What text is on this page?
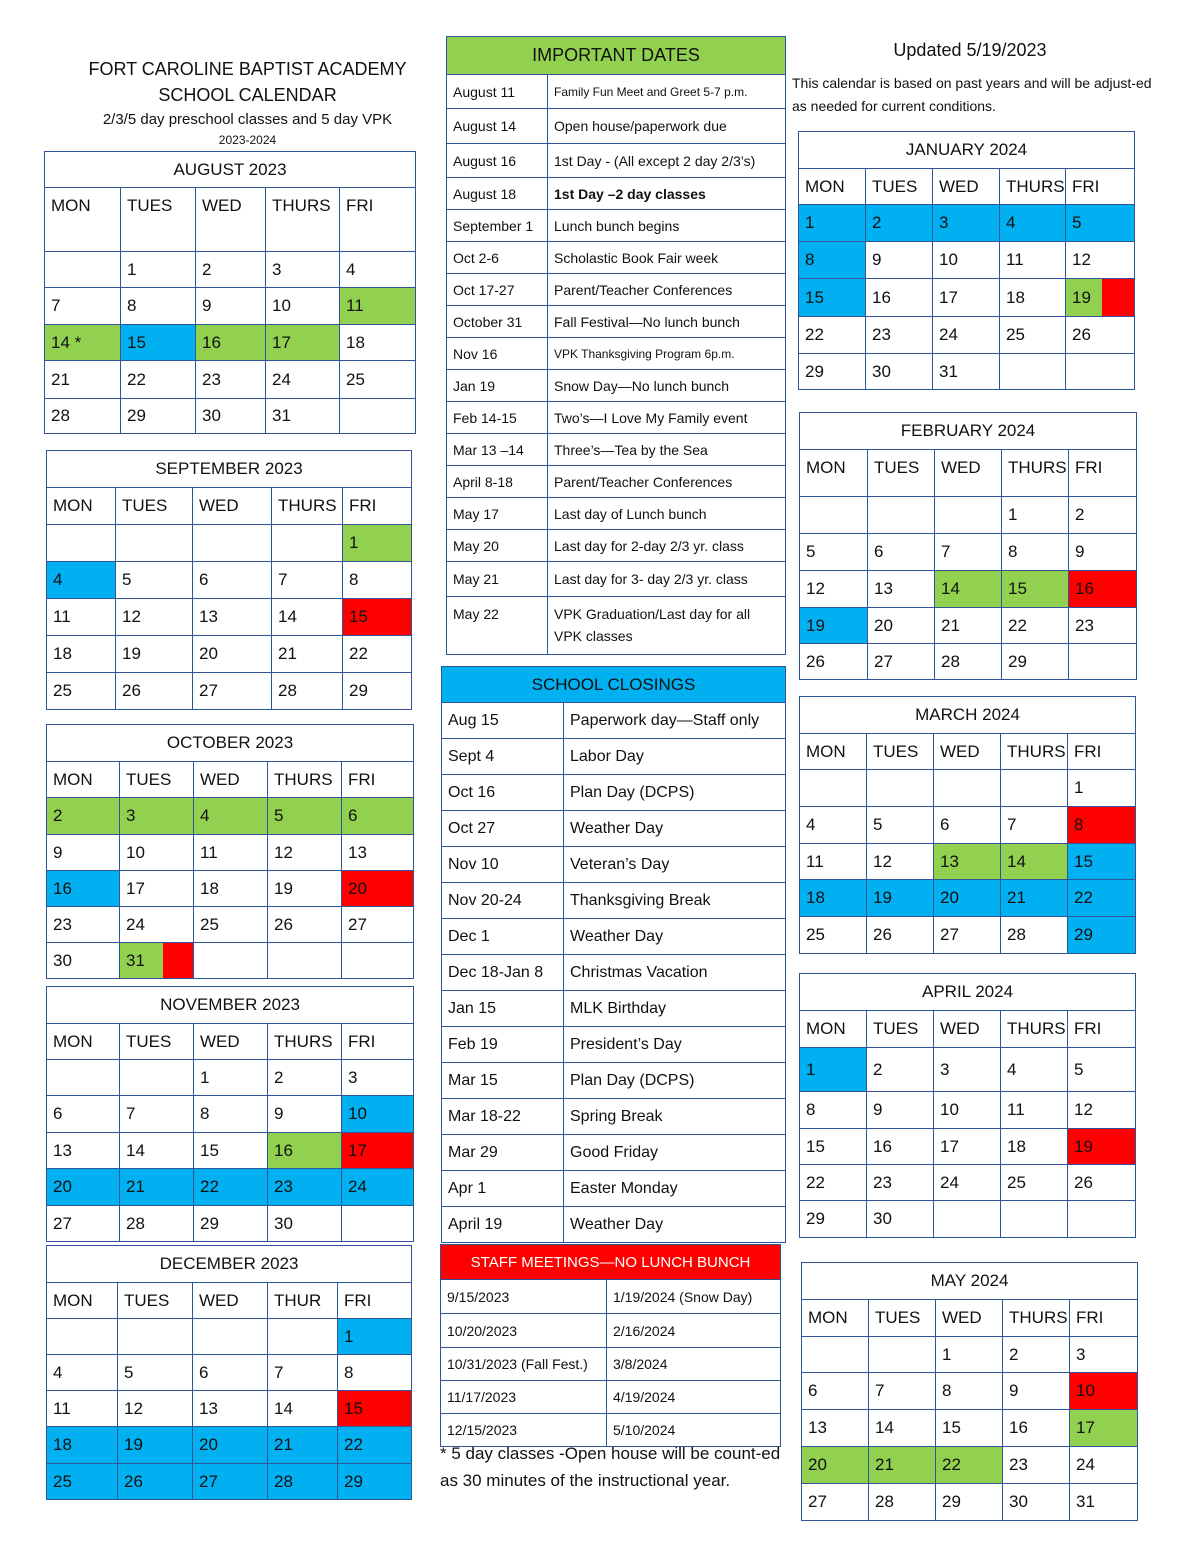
FORT CAROLINE BAPTIST ACADEMY
SCHOOL CALENDAR
2/3/5 day preschool classes and 5 day VPK
2023-2024
Updated 5/19/2023
This calendar is based on past years and will be adjust-ed as needed for current conditions.
AUGUST 2023				
MON	TUES	WED	THURS	FRI
	1	2	3	4
7	8	9	10	11
14 *	15	16	17	18
21	22	23	24	25
28	29	30	31	
SEPTEMBER 2023				
MON	TUES	WED	THURS	FRI
				1
4	5	6	7	8
11	12	13	14	15
18	19	20	21	22
25	26	27	28	29
OCTOBER 2023				
MON	TUES	WED	THURS	FRI
2	3	4	5	6
9	10	11	12	13
16	17	18	19	20
23	24	25	26	27
30	31

NOVEMBER 2023				
MON	TUES	WED	THURS	FRI
		1	2	3
6	7	8	9	10
13	14	15	16	17
20	21	22	23	24
27	28	29	30	
DECEMBER 2023				
MON	TUES	WED	THUR	FRI
				1
4	5	6	7	8
11	12	13	14	15
18	19	20	21	22
25	26	27	28	29
JANUARY 2024				
MON	TUES	WED	THURS	FRI
1	2	3	4	5
8	9	10	11	12
15	16	17	18	19

22	23	24	25	26
29	30	31		
FEBRUARY 2024				
MON	TUES	WED	THURS	FRI
			1	2
5	6	7	8	9
12	13	14	15	16
19	20	21	22	23
26	27	28	29	
MARCH 2024				
MON	TUES	WED	THURS	FRI
				1
4	5	6	7	8
11	12	13	14	15
18	19	20	21	22
25	26	27	28	29
APRIL 2024				
MON	TUES	WED	THURS	FRI
1	2	3	4	5
8	9	10	11	12
15	16	17	18	19
22	23	24	25	26
29	30			
MAY 2024				
MON	TUES	WED	THURS	FRI
		1	2	3
6	7	8	9	10
13	14	15	16	17
20	21	22	23	24
27	28	29	30	31
IMPORTANT DATES	
August 11	Family Fun Meet and Greet 5-7 p.m.
August 14	Open house/paperwork due
August 16	1st Day - (All except 2 day 2/3’s)
August 18	1st Day –2 day classes
September 1	Lunch bunch begins
Oct 2-6	Scholastic Book Fair week
Oct 17-27	Parent/Teacher Conferences
October 31	Fall Festival—No lunch bunch
Nov 16	VPK Thanksgiving Program 6p.m.
Jan 19	Snow Day—No lunch bunch
Feb 14-15	Two’s—I Love My Family event
Mar 13 –14	Three’s—Tea by the Sea
April 8-18	Parent/Teacher Conferences
May 17	Last day of Lunch bunch
May 20	Last day for 2-day 2/3 yr. class
May 21	Last day for 3- day 2/3 yr. class
May 22	VPK Graduation/Last day for all VPK classes
SCHOOL CLOSINGS	
Aug 15	Paperwork day—Staff only
Sept 4	Labor Day
Oct 16	Plan Day (DCPS)
Oct 27	Weather Day
Nov 10	Veteran’s Day
Nov 20-24	Thanksgiving Break
Dec 1	Weather Day
Dec 18-Jan 8	Christmas Vacation
Jan 15	MLK Birthday
Feb 19	President’s Day
Mar 15	Plan Day (DCPS)
Mar 18-22	Spring Break
Mar 29	Good Friday
Apr 1	Easter Monday
April 19	Weather Day
STAFF MEETINGS—NO LUNCH BUNCH	
9/15/2023	1/19/2024 (Snow Day)
10/20/2023	2/16/2024
10/31/2023 (Fall Fest.)	3/8/2024
11/17/2023	4/19/2024
12/15/2023	5/10/2024
* 5 day classes -Open house will be count-ed as 30 minutes of the instructional year.
